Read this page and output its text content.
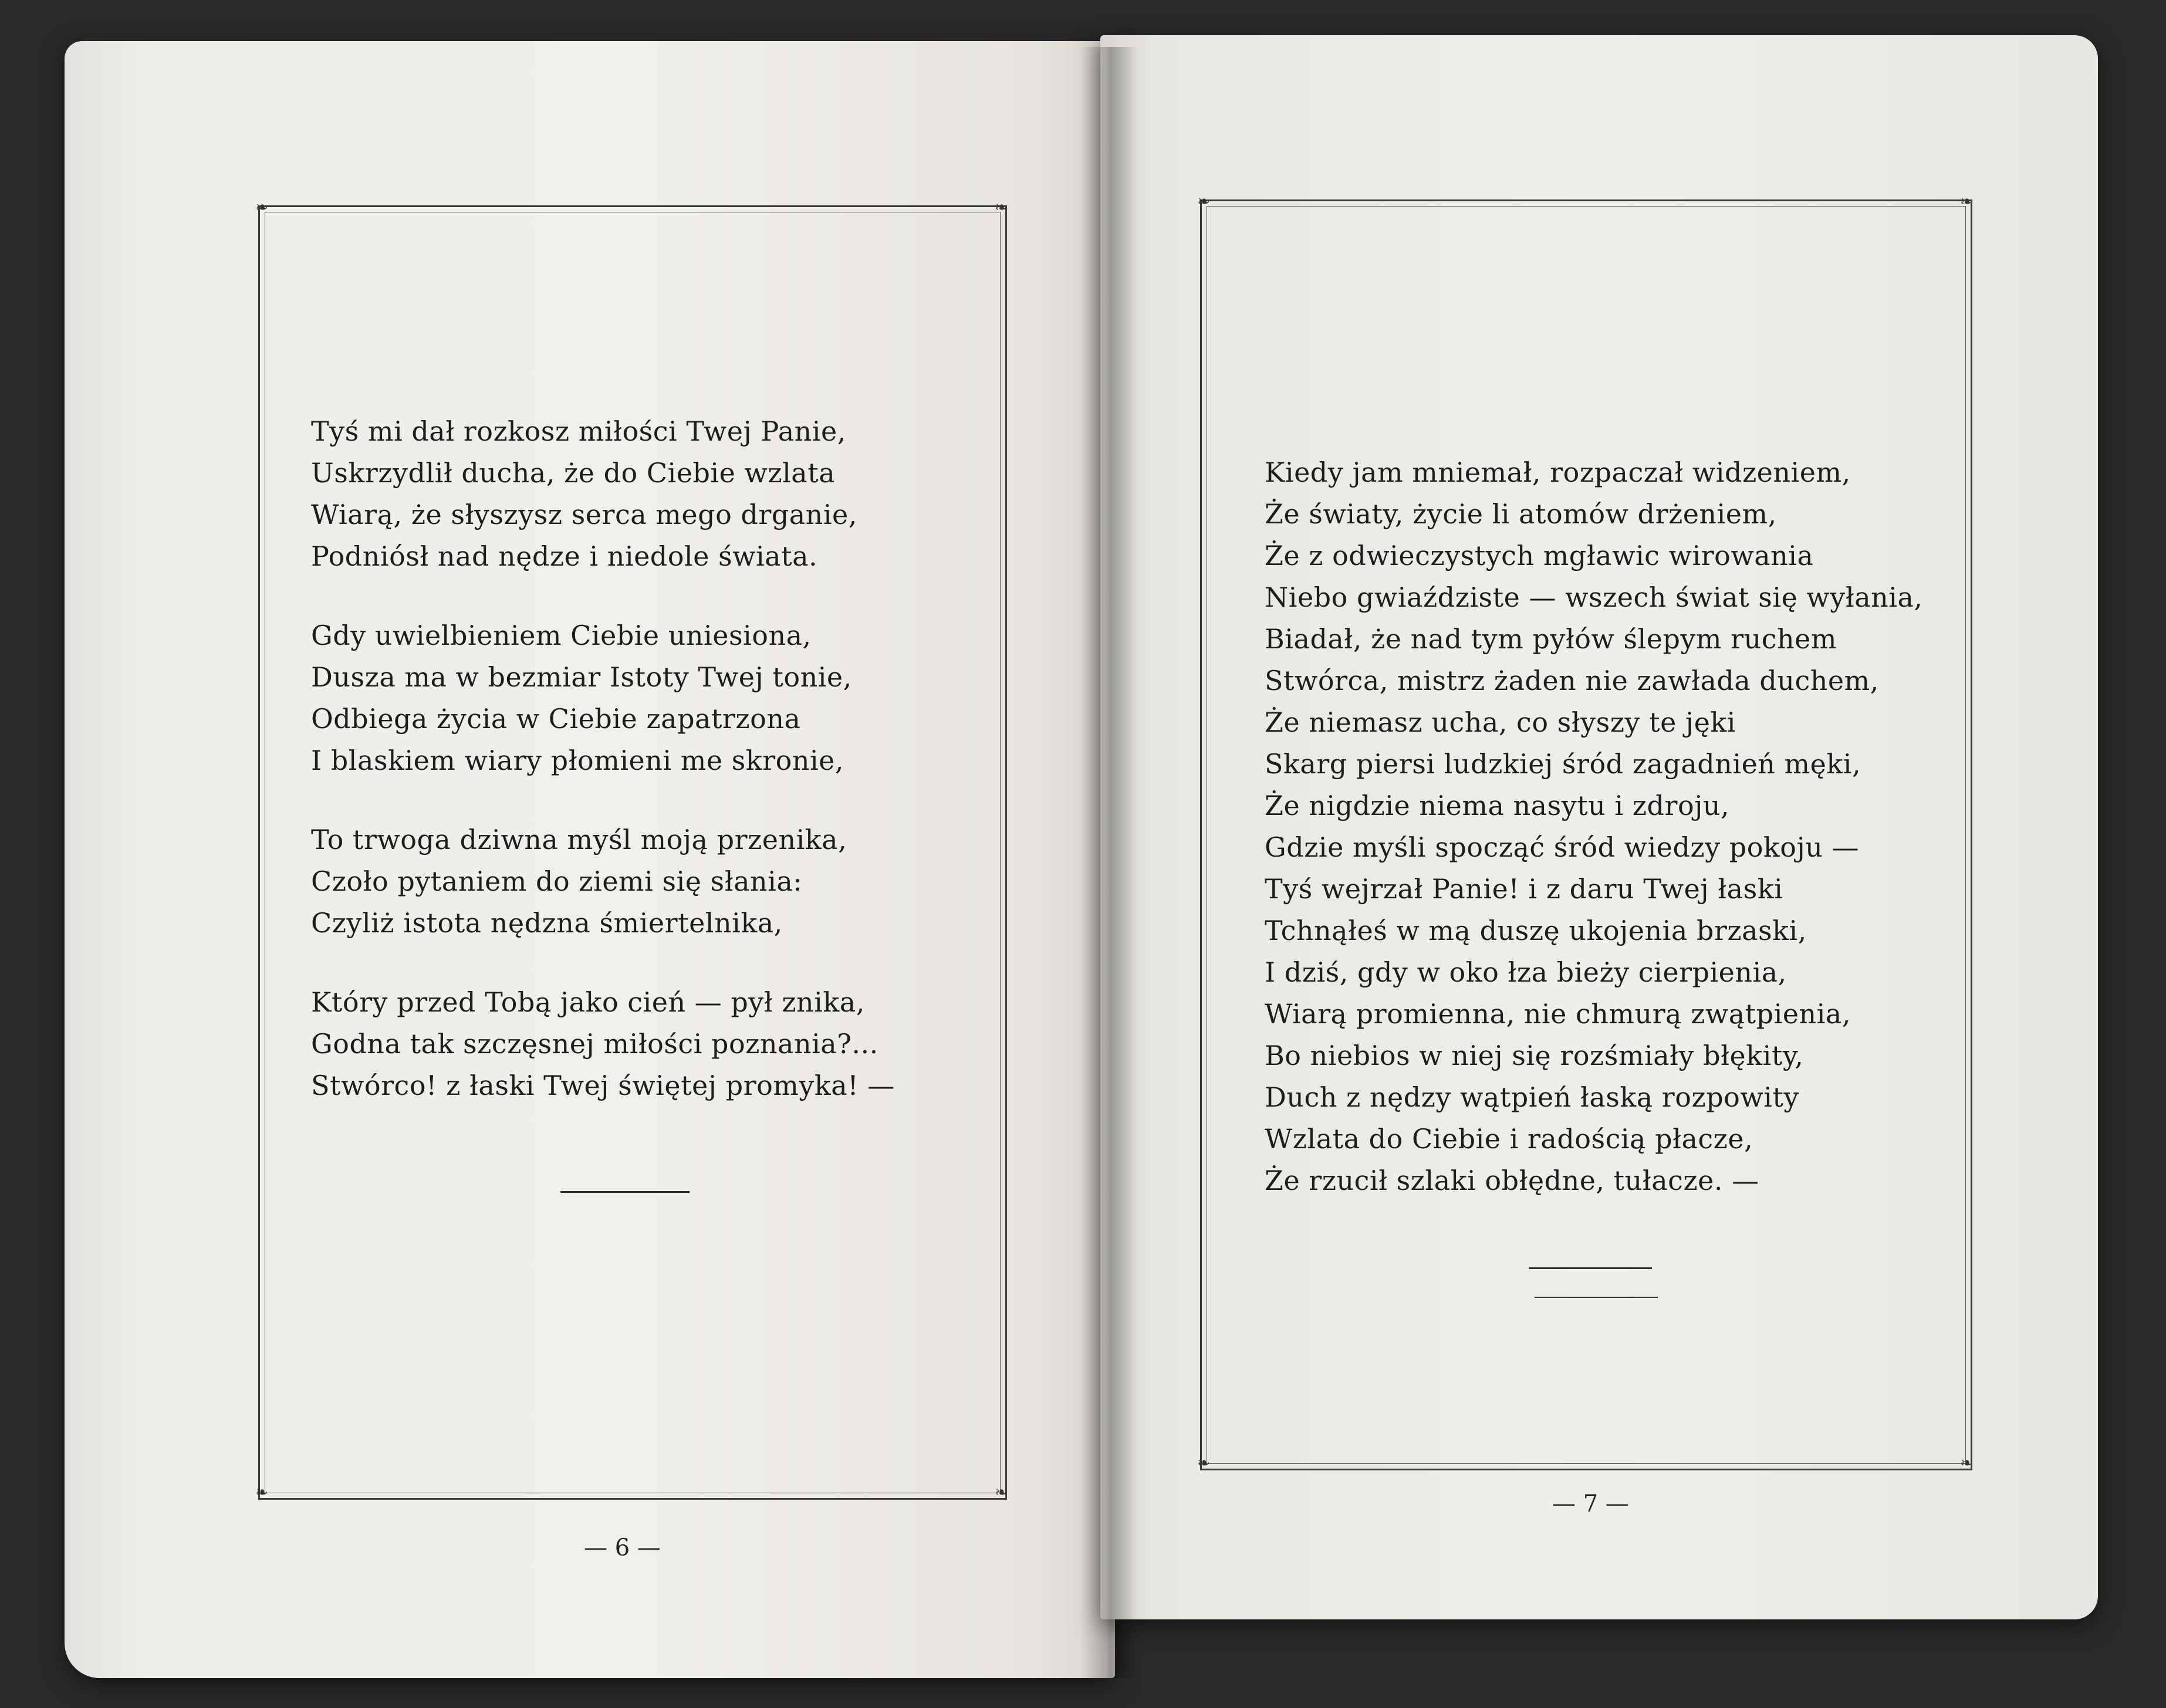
❧	❧
❧	❧
❧	❧
❧	❧
Tyś mi dał rozkosz miłości Twej Panie,
Uskrzydlił ducha, że do Ciebie wzlata
Wiarą, że słyszysz serca mego drganie,
Podniósł nad nędze i niedole świata.
Gdy uwielbieniem Ciebie uniesiona,
Dusza ma w bezmiar Istoty Twej tonie,
Odbiega życia w Ciebie zapatrzona
I blaskiem wiary płomieni me skronie,
To trwoga dziwna myśl moją przenika,
Czoło pytaniem do ziemi się słania:
Czyliż istota nędzna śmiertelnika,
Który przed Tobą jako cień — pył znika,
Godna tak szczęsnej miłości poznania?...
Stwórco! z łaski Twej świętej promyka! —
Kiedy jam mniemał, rozpaczał widzeniem,
Że światy, życie li atomów drżeniem,
Że z odwieczystych mgławic wirowania
Niebo gwiaździste — wszech świat się wyłania,
Biadał, że nad tym pyłów ślepym ruchem
Stwórca, mistrz żaden nie zawłada duchem,
Że niemasz ucha, co słyszy te jęki
Skarg piersi ludzkiej śród zagadnień męki,
Że nigdzie niema nasytu i zdroju,
Gdzie myśli spocząć śród wiedzy pokoju —
Tyś wejrzał Panie! i z daru Twej łaski
Tchnąłeś w mą duszę ukojenia brzaski,
I dziś, gdy w oko łza bieży cierpienia,
Wiarą promienna, nie chmurą zwątpienia,
Bo niebios w niej się rozśmiały błękity,
Duch z nędzy wątpień łaską rozpowity
Wzlata do Ciebie i radością płacze,
Że rzucił szlaki obłędne, tułacze. —
— 6 —
— 7 —
